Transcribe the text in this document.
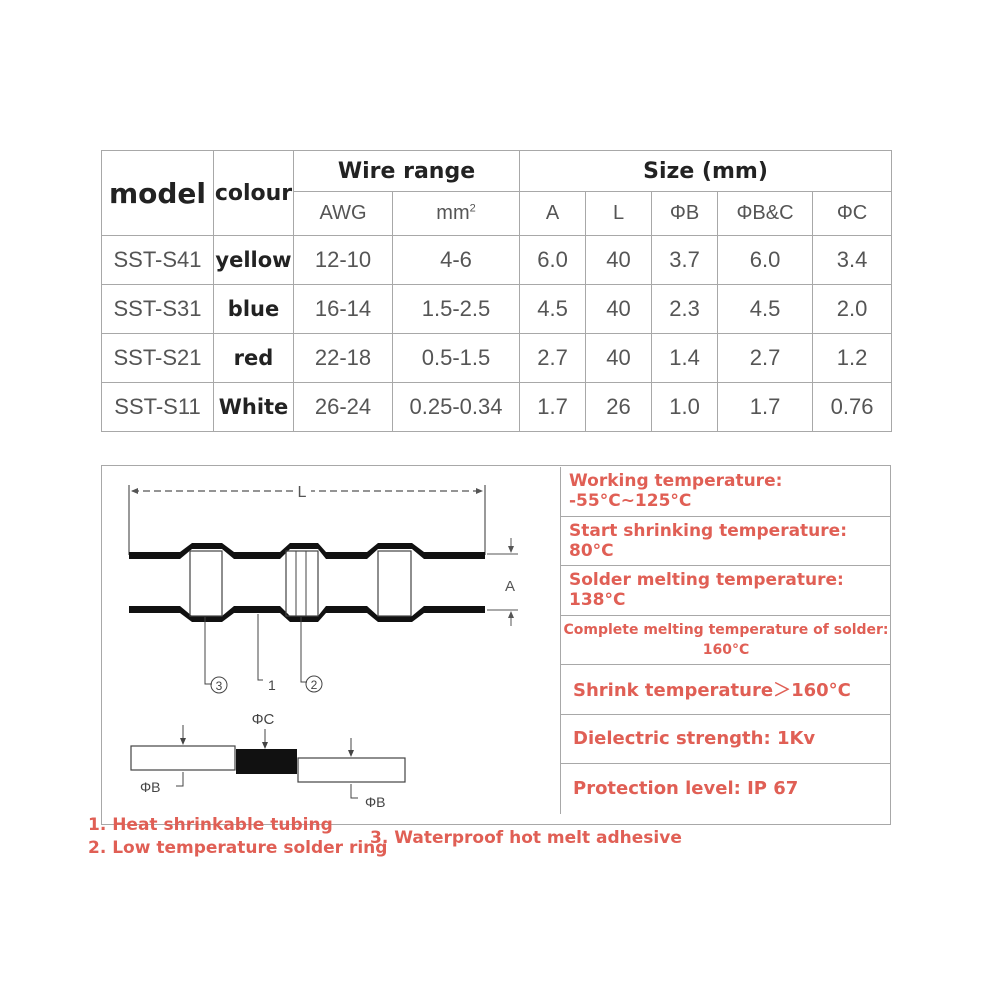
model	colour	Wire range		Size (mm)				
		AWG	$mm^2$	A	L	ΦB	ΦB&C	ΦC
SST-S41	yellow	12-10	4-6	6.0	40	3.7	6.0	3.4
SST-S31	blue	16-14	1.5-2.5	4.5	40	2.3	4.5	2.0
SST-S21	red	22-18	0.5-1.5	2.7	40	1.4	2.7	1.2
SST-S11	White	26-24	0.25-0.34	1.7	26	1.0	1.7	0.76
L
A
3	1	2
ΦC
ΦB
ΦB
Working temperature: -55°C~125°C
Start shrinking temperature: 80°C
Solder melting temperature: 138°C
Complete melting temperature of solder:
160°C
Shrink temperature＞160°C
Dielectric strength: 1Kv
Protection level: IP 67
1. Heat shrinkable tubing
2. Low temperature solder ring
3. Waterproof hot melt adhesive
